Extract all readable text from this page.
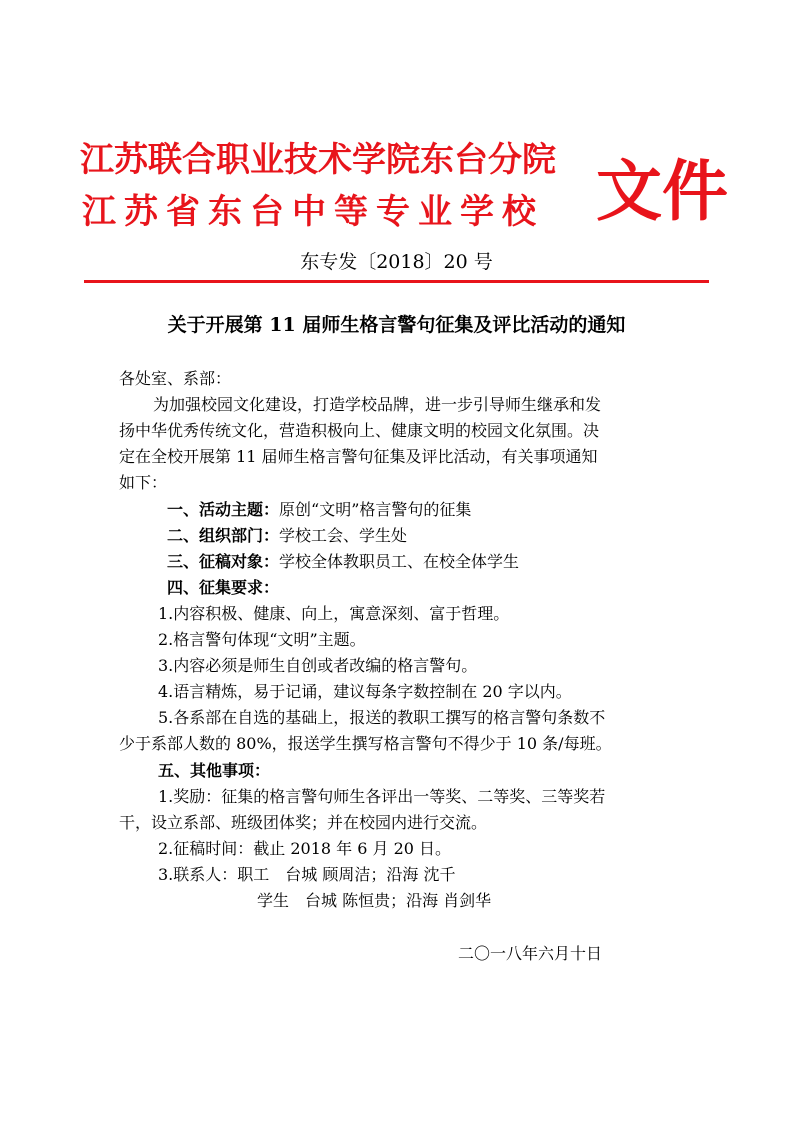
江苏联合职业技术学院东台分院
江苏省东台中等专业学校 文件
东专发〔2018〕20 号
关于开展第 11 届师生格言警句征集及评比活动的通知
各处室、系部：
为加强校园文化建设，打造学校品牌，进一步引导师生继承和发
扬中华优秀传统文化，营造积极向上、健康文明的校园文化氛围。决
定在全校开展第 11 届师生格言警句征集及评比活动，有关事项通知
如下：
一、活动主题：原创“文明”格言警句的征集
二、组织部门：学校工会、学生处
三、征稿对象：学校全体教职员工、在校全体学生
四、征集要求：
1.内容积极、健康、向上，寓意深刻、富于哲理。
2.格言警句体现“文明”主题。
3.内容必须是师生自创或者改编的格言警句。
4.语言精炼，易于记诵，建议每条字数控制在 20 字以内。
5.各系部在自选的基础上，报送的教职工撰写的格言警句条数不
少于系部人数的 80%，报送学生撰写格言警句不得少于 10 条/每班。
五、其他事项：
1.奖励：征集的格言警句师生各评出一等奖、二等奖、三等奖若
干，设立系部、班级团体奖；并在校园内进行交流。
2.征稿时间：截止 2018 年 6 月 20 日。
3.联系人：职工　台城 顾周洁；沿海 沈千
学生　台城 陈恒贵；沿海 肖剑华
二〇一八年六月十日
